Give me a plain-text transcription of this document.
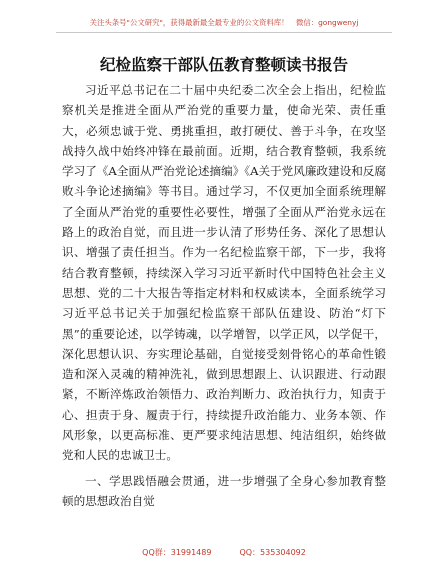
关注头条号"公文研究"，获得最新最全最专业的公文资料库！　微信：gongwenyj
纪检监察干部队伍教育整顿读书报告

习近平总书记在二十届中央纪委二次全会上指出，纪检监察机关是推进全面从严治党的重要力量，使命光荣、责任重大，必须忠诚于党、勇挑重担，敢打硬仗、善于斗争，在攻坚战持久战中始终冲锋在最前面。近期，结合教育整顿，我系统学习了《A全面从严治党论述摘编》《A关于党风廉政建设和反腐败斗争论述摘编》等书目。通过学习，不仅更加全面系统理解了全面从严治党的重要性必要性，增强了全面从严治党永远在路上的政治自觉，而且进一步认清了形势任务、深化了思想认识、增强了责任担当。作为一名纪检监察干部，下一步，我将结合教育整顿，持续深入学习习近平新时代中国特色社会主义思想、党的二十大报告等指定材料和权威读本，全面系统学习习近平总书记关于加强纪检监察干部队伍建设、防治“灯下黑”的重要论述，以学铸魂，以学增智，以学正风，以学促干，深化思想认识、夯实理论基础，自觉接受刻骨铭心的革命性锻造和深入灵魂的精神洗礼，做到思想跟上、认识跟进、行动跟紧，不断淬炼政治领悟力、政治判断力、政治执行力，知责于心、担责于身、履责于行，持续提升政治能力、业务本领、作风形象，以更高标准、更严要求纯洁思想、纯洁组织，始终做党和人民的忠诚卫士。

一、学思践悟融会贯通，进一步增强了全身心参加教育整顿的思想政治自觉

QQ群：31991489	QQ：535304092
